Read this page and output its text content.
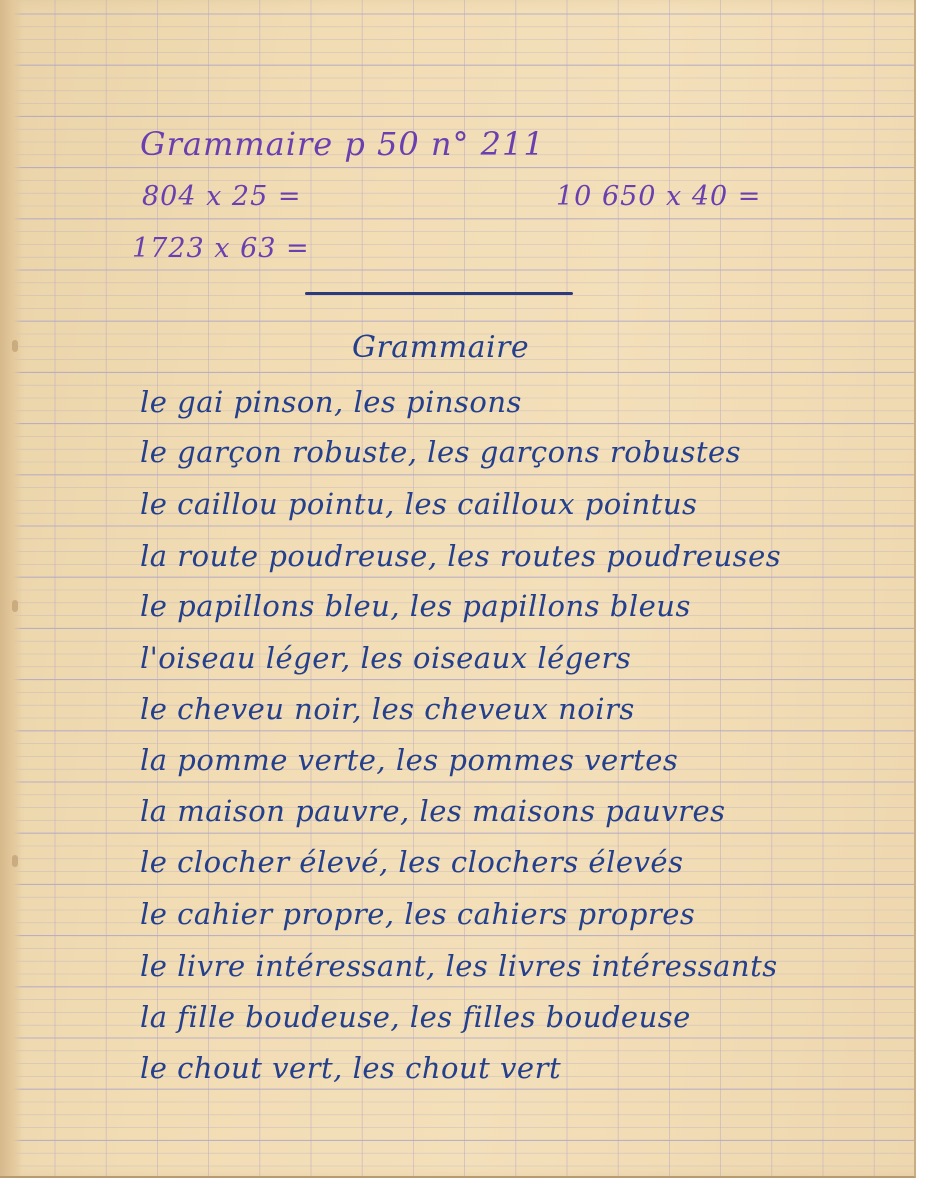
Grammaire p 50 n° 211

804 x 25 =	10 650 x 40 =

1723 x 63 =

Grammaire

le gai pinson, les pinsons

le garçon robuste, les garçons robustes

le caillou pointu, les cailloux pointus

la route poudreuse, les routes poudreuses

le papillons bleu, les papillons bleus

l'oiseau léger, les oiseaux légers

le cheveu noir, les cheveux noirs

la pomme verte, les pommes vertes

la maison pauvre, les maisons pauvres

le clocher élevé, les clochers élevés

le cahier propre, les cahiers propres

le livre intéressant, les livres intéressants

la fille boudeuse, les filles boudeuse

le chout vert, les chout vert
